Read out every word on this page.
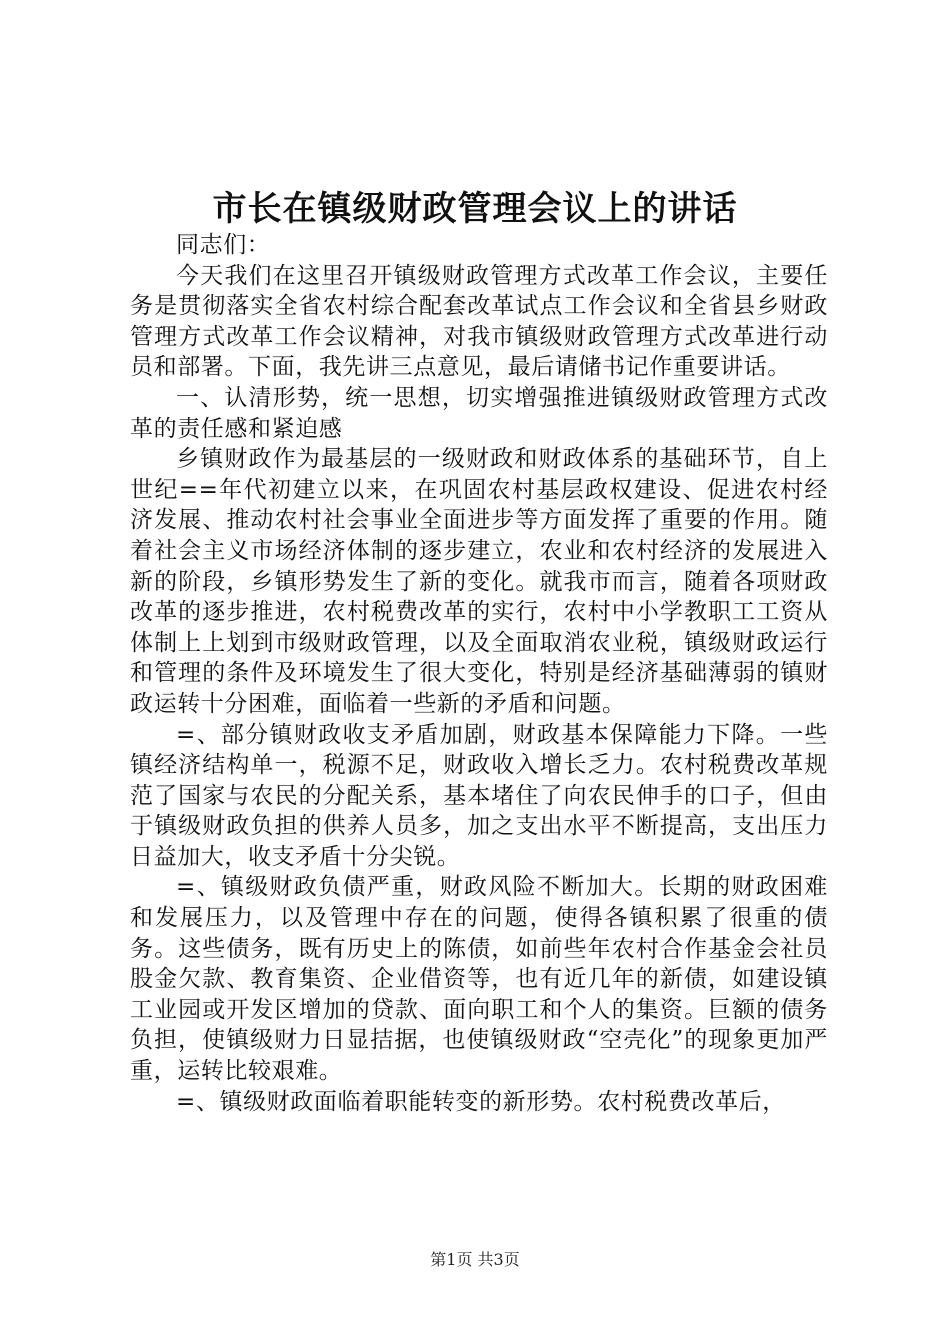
市长在镇级财政管理会议上的讲话

同志们：

今天我们在这里召开镇级财政管理方式改革工作会议，主要任务是贯彻落实全省农村综合配套改革试点工作会议和全省县乡财政管理方式改革工作会议精神，对我市镇级财政管理方式改革进行动员和部署。下面，我先讲三点意见，最后请储书记作重要讲话。

一、认清形势，统一思想，切实增强推进镇级财政管理方式改革的责任感和紧迫感

乡镇财政作为最基层的一级财政和财政体系的基础环节，自上世纪==年代初建立以来，在巩固农村基层政权建设、促进农村经济发展、推动农村社会事业全面进步等方面发挥了重要的作用。随着社会主义市场经济体制的逐步建立，农业和农村经济的发展进入新的阶段，乡镇形势发生了新的变化。就我市而言，随着各项财政改革的逐步推进，农村税费改革的实行，农村中小学教职工工资从体制上上划到市级财政管理，以及全面取消农业税，镇级财政运行和管理的条件及环境发生了很大变化，特别是经济基础薄弱的镇财政运转十分困难，面临着一些新的矛盾和问题。

=、部分镇财政收支矛盾加剧，财政基本保障能力下降。一些镇经济结构单一，税源不足，财政收入增长乏力。农村税费改革规范了国家与农民的分配关系，基本堵住了向农民伸手的口子，但由于镇级财政负担的供养人员多，加之支出水平不断提高，支出压力日益加大，收支矛盾十分尖锐。

=、镇级财政负债严重，财政风险不断加大。长期的财政困难和发展压力，以及管理中存在的问题，使得各镇积累了很重的债务。这些债务，既有历史上的陈债，如前些年农村合作基金会社员股金欠款、教育集资、企业借资等，也有近几年的新债，如建设镇工业园或开发区增加的贷款、面向职工和个人的集资。巨额的债务负担，使镇级财力日显拮据，也使镇级财政“空壳化”的现象更加严重，运转比较艰难。

=、镇级财政面临着职能转变的新形势。农村税费改革后，

第1页 共3页
